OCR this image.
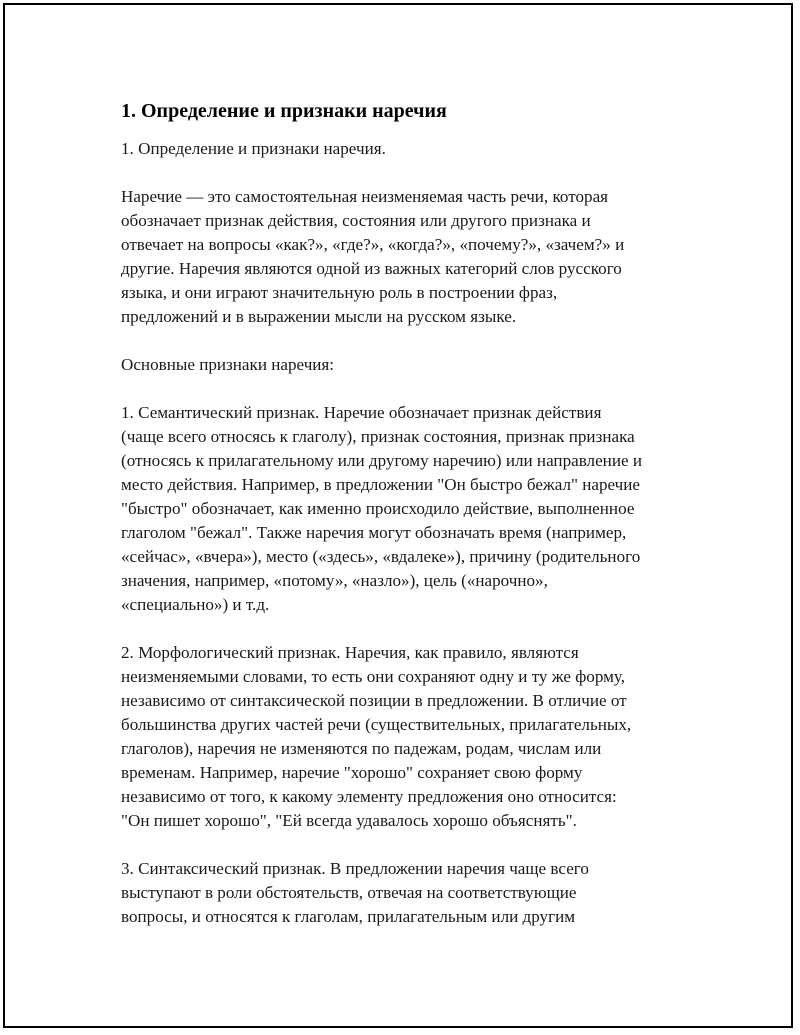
1. Определение и признаки наречия
1. Определение и признаки наречия.
Наречие — это самостоятельная неизменяемая часть речи, которая
обозначает признак действия, состояния или другого признака и
отвечает на вопросы «как?», «где?», «когда?», «почему?», «зачем?» и
другие. Наречия являются одной из важных категорий слов русского
языка, и они играют значительную роль в построении фраз,
предложений и в выражении мысли на русском языке.
Основные признаки наречия:
1. Семантический признак. Наречие обозначает признак действия
(чаще всего относясь к глаголу), признак состояния, признак признака
(относясь к прилагательному или другому наречию) или направление и
место действия. Например, в предложении "Он быстро бежал" наречие
"быстро" обозначает, как именно происходило действие, выполненное
глаголом "бежал". Также наречия могут обозначать время (например,
«сейчас», «вчера»), место («здесь», «вдалеке»), причину (родительного
значения, например, «потому», «назло»), цель («нарочно»,
«специально») и т.д.
2. Морфологический признак. Наречия, как правило, являются
неизменяемыми словами, то есть они сохраняют одну и ту же форму,
независимо от синтаксической позиции в предложении. В отличие от
большинства других частей речи (существительных, прилагательных,
глаголов), наречия не изменяются по падежам, родам, числам или
временам. Например, наречие "хорошо" сохраняет свою форму
независимо от того, к какому элементу предложения оно относится:
"Он пишет хорошо", "Ей всегда удавалось хорошо объяснять".
3. Синтаксический признак. В предложении наречия чаще всего
выступают в роли обстоятельств, отвечая на соответствующие
вопросы, и относятся к глаголам, прилагательным или другим
